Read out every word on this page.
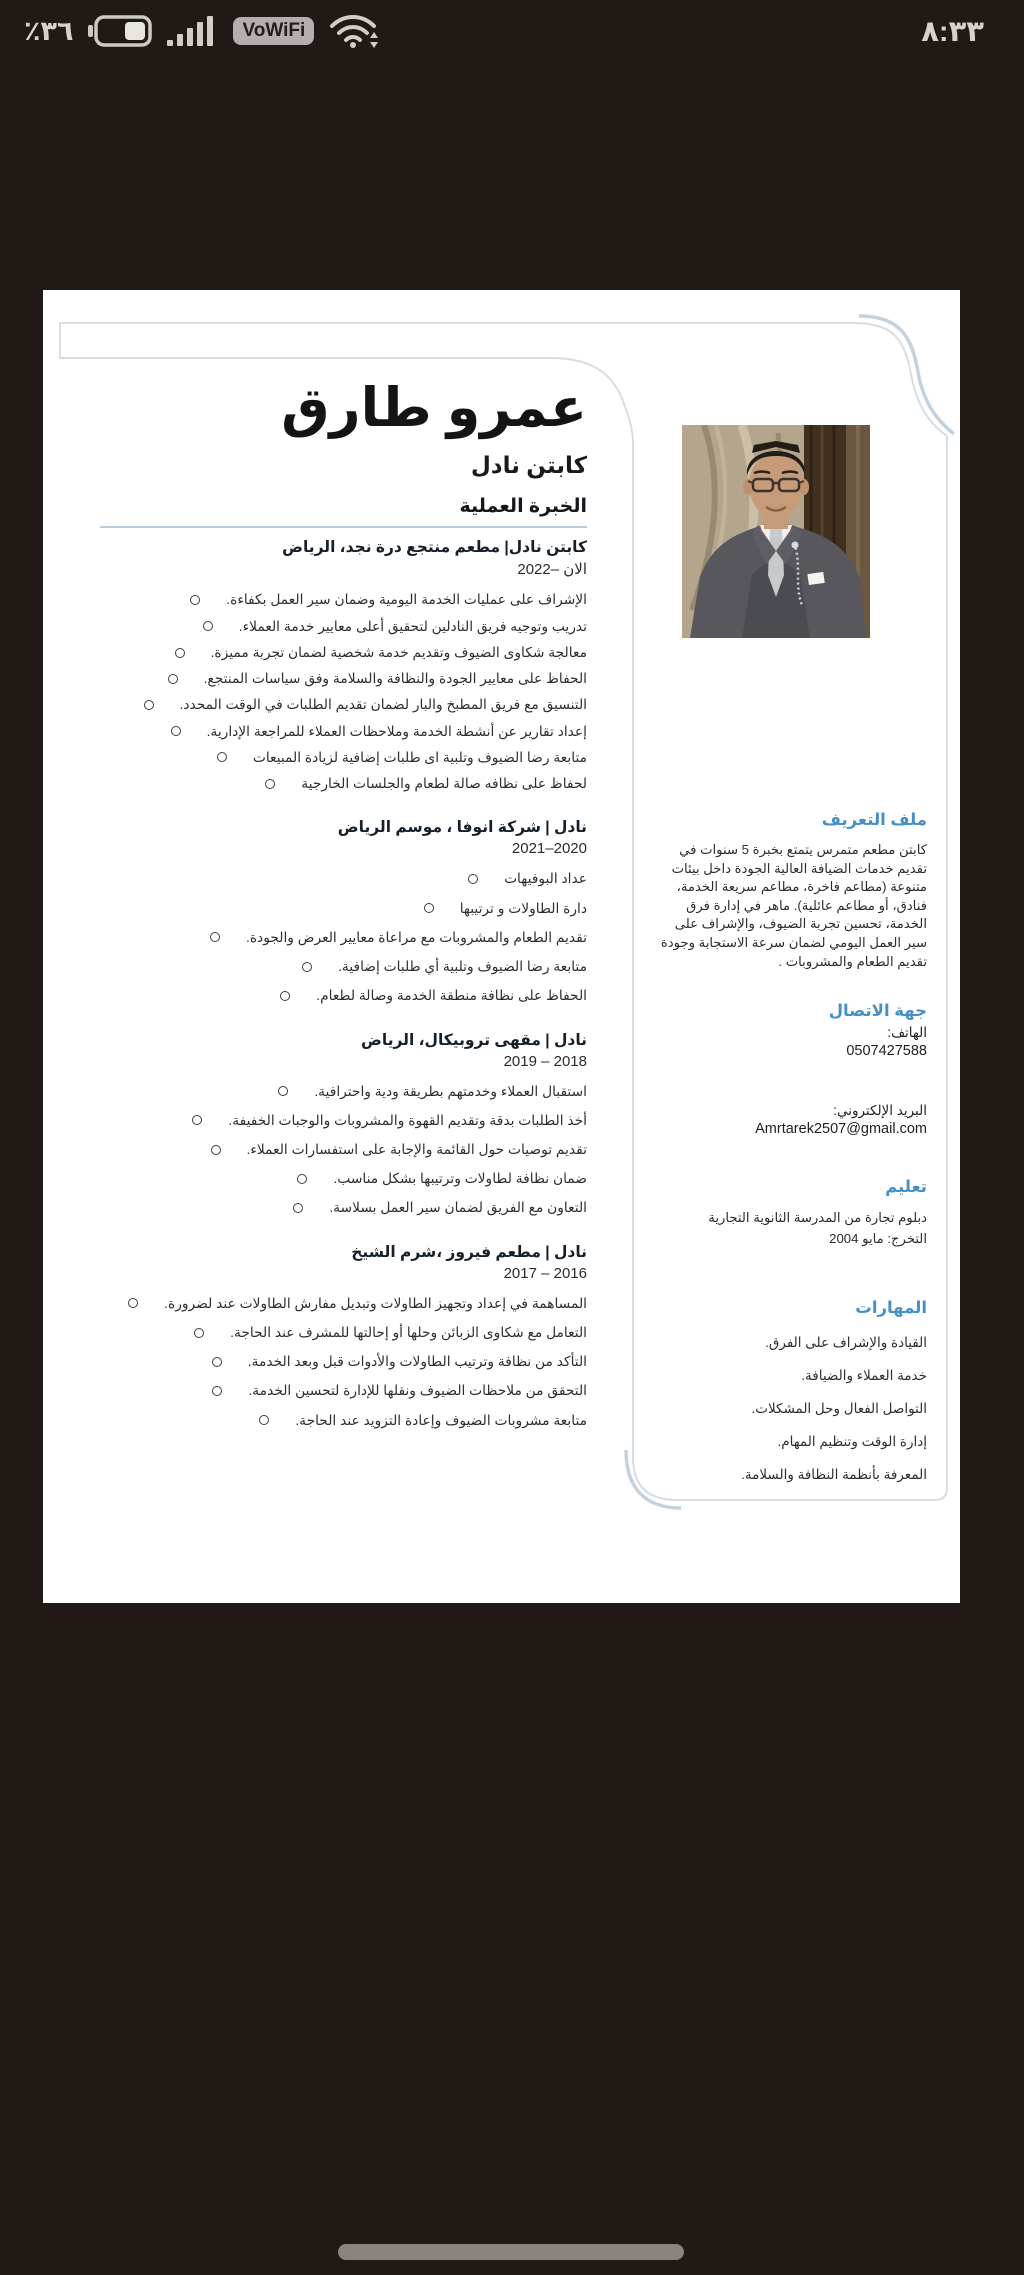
٪٣٦	VoWiFi	٨:٣٣
عمرو طارق
كابتن نادل
الخبرة العملية
كابتن نادل| مطعم منتجع درة نجد، الرياض
2022– الان
الإشراف على عمليات الخدمة اليومية وضمان سير العمل بكفاءة.
تدريب وتوجيه فريق النادلين لتحقيق أعلى معايير خدمة العملاء.
معالجة شكاوى الضيوف وتقديم خدمة شخصية لضمان تجربة مميزة.
الحفاظ على معايير الجودة والنظافة والسلامة وفق سياسات المنتجع.
التنسيق مع فريق المطبخ والبار لضمان تقديم الطلبات في الوقت المحدد.
إعداد تقارير عن أنشطة الخدمة وملاحظات العملاء للمراجعة الإدارية.
متابعة رضا الضيوف وتلبية اى طلبات إضافية لزيادة المبيعات
لحفاظ على نظافه صالة لطعام والجلسات الخارجية
نادل | شركة انوفا ، موسم الرياض
2021–2020
عداد البوفيهات
دارة الطاولات و ترتيبها
تقديم الطعام والمشروبات مع مراعاة معايير العرض والجودة.
متابعة رضا الضيوف وتلبية أي طلبات إضافية.
الحفاظ على نظافة منطقة الخدمة وصالة لطعام.
نادل | مقهى تروبيكال، الرياض
2019 – 2018
استقبال العملاء وخدمتهم بطريقة ودية واحترافية.
أخذ الطلبات بدقة وتقديم القهوة والمشروبات والوجبات الخفيفة.
تقديم توصيات حول القائمة والإجابة على استفسارات العملاء.
ضمان نظافة لطاولات وترتيبها بشكل مناسب.
التعاون مع الفريق لضمان سير العمل بسلاسة.
نادل | مطعم فيروز ،شرم الشيخ
2017 – 2016
المساهمة في إعداد وتجهيز الطاولات وتبديل مفارش الطاولات عند لضرورة.
التعامل مع شكاوى الزبائن وحلها أو إحالتها للمشرف عند الحاجة.
التأكد من نظافة وترتيب الطاولات والأدوات قبل وبعد الخدمة.
التحقق من ملاحظات الضيوف ونقلها للإدارة لتحسين الخدمة.
متابعة مشروبات الضيوف وإعادة التزويد عند الحاجة.
ملف التعريف
كابتن مطعم متمرس يتمتع بخبرة 5 سنوات في تقديم خدمات الضيافة العالية الجودة داخل بيئات متنوعة (مطاعم فاخرة، مطاعم سريعة الخدمة، فنادق، أو مطاعم عائلية). ماهر في إدارة فرق الخدمة، تحسين تجربة الضيوف، والإشراف على سير العمل اليومي لضمان سرعة الاستجابة وجودة تقديم الطعام والمشروبات .
جهة الاتصال
الهاتف:
0507427588
البريد الإلكتروني:
Amrtarek2507@gmail.com
تعليم
دبلوم تجارة من المدرسة الثانوية التجارية
التخرج: مايو 2004
المهارات
القيادة والإشراف على الفرق.
خدمة العملاء والضيافة.
التواصل الفعال وحل المشكلات.
إدارة الوقت وتنظيم المهام.
المعرفة بأنظمة النظافة والسلامة.
